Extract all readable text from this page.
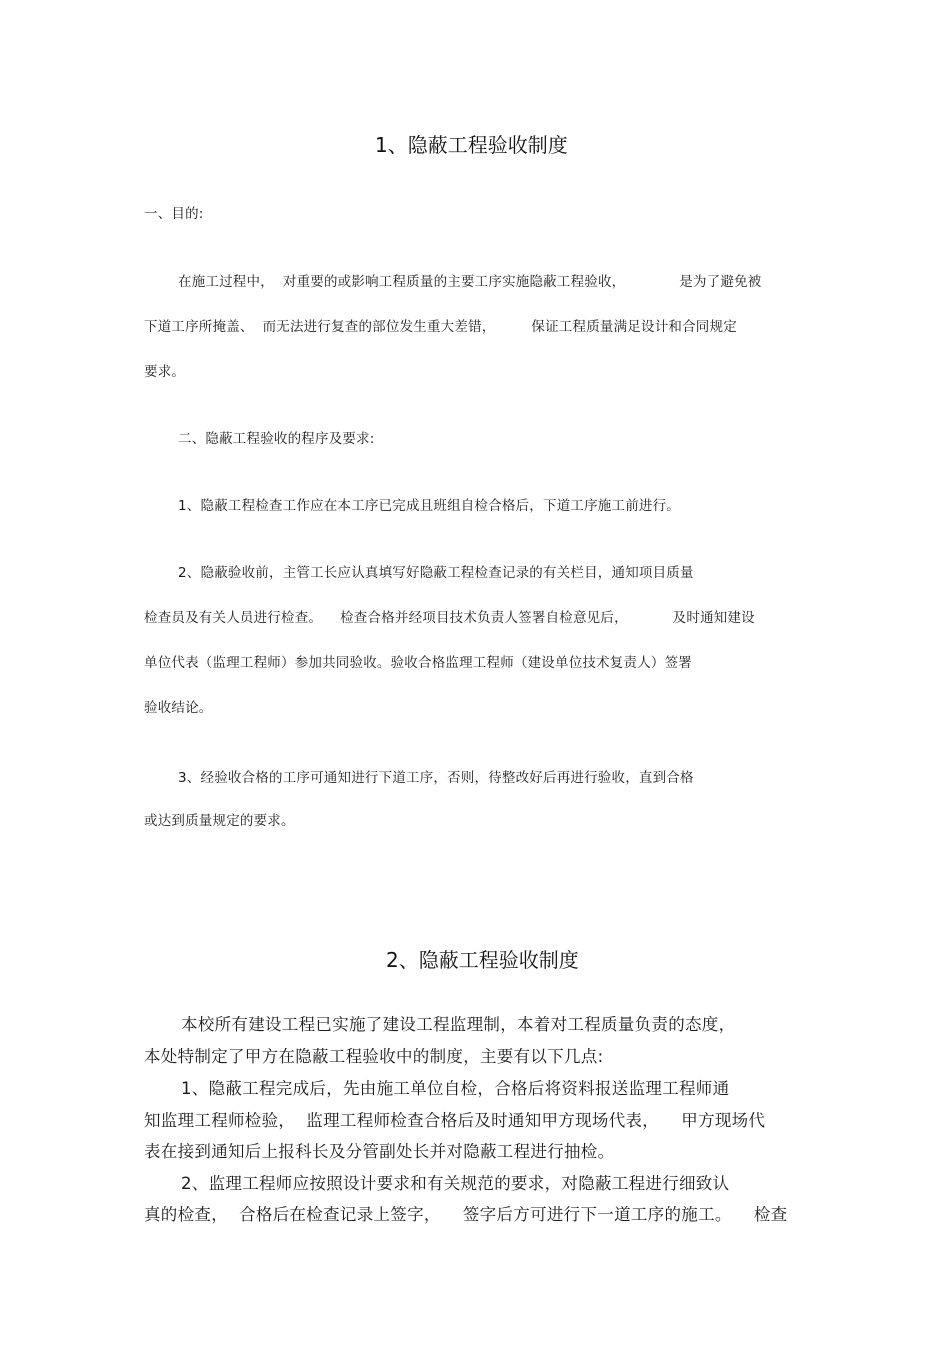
1、隐蔽工程验收制度
一、目的:
在施工过程中，  对重要的或影响工程质量的主要工序实施隐蔽工程验收，            是为了避免被
下道工序所掩盖、  而无法进行复查的部位发生重大差错，        保证工程质量满足设计和合同规定
要求。
二、隐蔽工程验收的程序及要求:
1、隐蔽工程检查工作应在本工序已完成且班组自检合格后，下道工序施工前进行。
2、隐蔽验收前，主管工长应认真填写好隐蔽工程检查记录的有关栏目，通知项目质量
检查员及有关人员进行检查。    检查合格并经项目技术负责人签署自检意见后，          及时通知建设
单位代表（监理工程师）参加共同验收。验收合格监理工程师（建设单位技术复责人）签署
验收结论。
3、经验收合格的工序可通知进行下道工序，否则，待整改好后再进行验收，直到合格
或达到质量规定的要求。
2、隐蔽工程验收制度
本校所有建设工程已实施了建设工程监理制，本着对工程质量负责的态度，
本处特制定了甲方在隐蔽工程验收中的制度，主要有以下几点:
1、隐蔽工程完成后，先由施工单位自检，合格后将资料报送监理工程师通
知监理工程师检验，  监理工程师检查合格后及时通知甲方现场代表，    甲方现场代
表在接到通知后上报科长及分管副处长并对隐蔽工程进行抽检。
2、监理工程师应按照设计要求和有关规范的要求，对隐蔽工程进行细致认
真的检查，  合格后在检查记录上签字，    签字后方可进行下一道工序的施工。    检查
